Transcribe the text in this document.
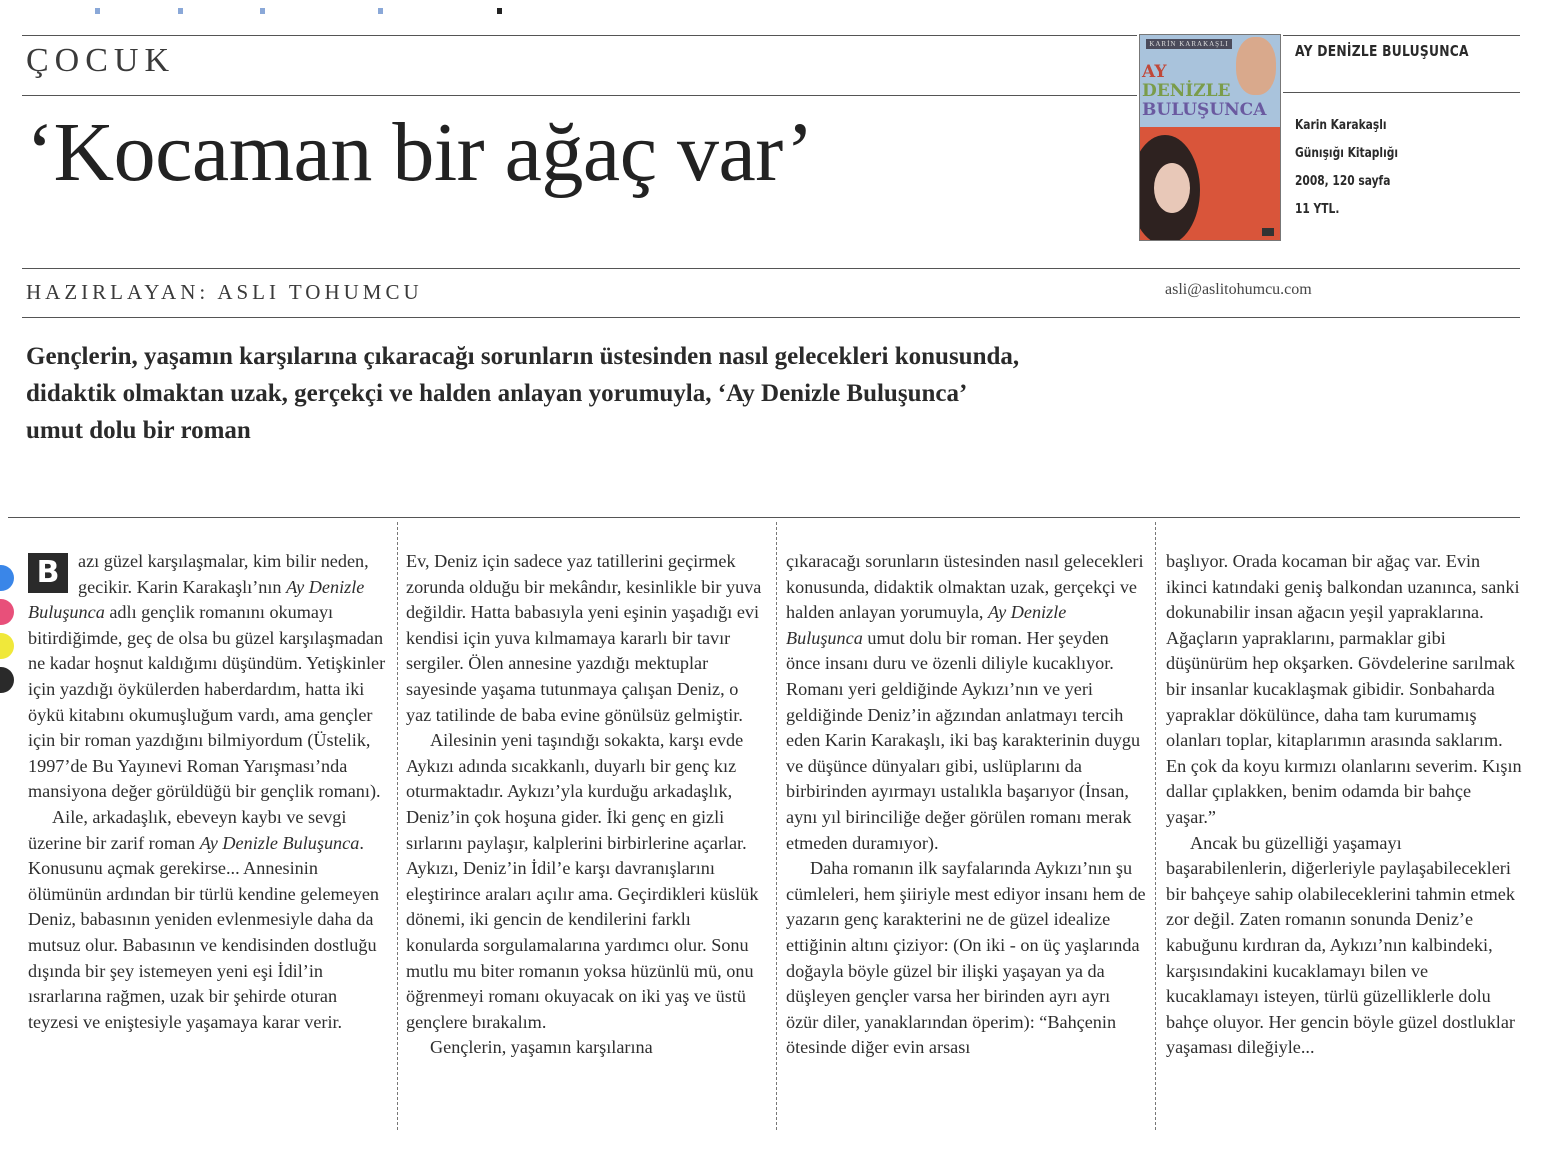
ÇOCUK
‘Kocaman bir ağaç var’
KARİN KARAKAŞLI
AY
DENİZLE
BULUŞUNCA
AY DENİZLE BULUŞUNCA
Karin Karakaşlı
Günışığı Kitaplığı
2008, 120 sayfa
11 YTL.
HAZIRLAYAN: ASLI TOHUMCU	asli@aslitohumcu.com
Gençlerin, yaşamın karşılarına çıkaracağı sorunların üstesinden nasıl gelecekleri konusunda,
didaktik olmaktan uzak, gerçekçi ve halden anlayan yorumuyla, ‘Ay Denizle Buluşunca’
umut dolu bir roman

B	azı güzel karşılaşmalar, kim bilir neden, gecikir. Karin Karakaşlı’nın Ay Denizle Buluşunca adlı gençlik romanını okumayı bitirdiğimde, geç de olsa bu güzel karşılaşmadan ne kadar hoşnut kaldığımı düşündüm. Yetişkinler için yazdığı öykülerden haberdardım, hatta iki öykü kitabını okumuşluğum vardı, ama gençler için bir roman yazdığını bilmiyordum (Üstelik, 1997’de Bu Yayınevi Roman Yarışması’nda mansiyona değer görüldüğü bir gençlik romanı).

Aile, arkadaşlık, ebeveyn kaybı ve sevgi üzerine bir zarif roman Ay Denizle Buluşunca. Konusunu açmak gerekirse... Annesinin ölümünün ardından bir türlü kendine gelemeyen Deniz, babasının yeniden evlenmesiyle daha da mutsuz olur. Babasının ve kendisinden dostluğu dışında bir şey istemeyen yeni eşi İdil’in ısrarlarına rağmen, uzak bir şehirde oturan teyzesi ve eniştesiyle yaşamaya karar verir.

Ev, Deniz için sadece yaz tatillerini geçirmek zorunda olduğu bir mekândır, kesinlikle bir yuva değildir. Hatta babasıyla yeni eşinin yaşadığı evi kendisi için yuva kılmamaya kararlı bir tavır sergiler. Ölen annesine yazdığı mektuplar sayesinde yaşama tutunmaya çalışan Deniz, o yaz tatilinde de baba evine gönülsüz gelmiştir.

Ailesinin yeni taşındığı sokakta, karşı evde Aykızı adında sıcakkanlı, duyarlı bir genç kız oturmaktadır. Aykızı’yla kurduğu arkadaşlık, Deniz’in çok hoşuna gider. İki genç en gizli sırlarını paylaşır, kalplerini birbirlerine açarlar. Aykızı, Deniz’in İdil’e karşı davranışlarını eleştirince araları açılır ama. Geçirdikleri küslük dönemi, iki gencin de kendilerini farklı konularda sorgulamalarına yardımcı olur. Sonu mutlu mu biter romanın yoksa hüzünlü mü, onu öğrenmeyi romanı okuyacak on iki yaş ve üstü gençlere bırakalım.

Gençlerin, yaşamın karşılarına

çıkaracağı sorunların üstesinden nasıl gelecekleri konusunda, didaktik olmaktan uzak, gerçekçi ve halden anlayan yorumuyla, Ay Denizle Buluşunca umut dolu bir roman. Her şeyden önce insanı duru ve özenli diliyle kucaklıyor. Romanı yeri geldiğinde Aykızı’nın ve yeri geldiğinde Deniz’in ağzından anlatmayı tercih eden Karin Karakaşlı, iki baş karakterinin duygu ve düşünce dünyaları gibi, uslüplarını da birbirinden ayırmayı ustalıkla başarıyor (İnsan, aynı yıl birinciliğe değer görülen romanı merak etmeden duramıyor).

Daha romanın ilk sayfalarında Aykızı’nın şu cümleleri, hem şiiriyle mest ediyor insanı hem de yazarın genç karakterini ne de güzel idealize ettiğinin altını çiziyor: (On iki - on üç yaşlarında doğayla böyle güzel bir ilişki yaşayan ya da düşleyen gençler varsa her birinden ayrı ayrı özür diler, yanaklarından öperim): “Bahçenin ötesinde diğer evin arsası

başlıyor. Orada kocaman bir ağaç var. Evin ikinci katındaki geniş balkondan uzanınca, sanki dokunabilir insan ağacın yeşil yapraklarına. Ağaçların yapraklarını, parmaklar gibi düşünürüm hep okşarken. Gövdelerine sarılmak bir insanlar kucaklaşmak gibidir. Sonbaharda yapraklar dökülünce, daha tam kurumamış olanları toplar, kitaplarımın arasında saklarım. En çok da koyu kırmızı olanlarını severim. Kışın dallar çıplakken, benim odamda bir bahçe yaşar.”

Ancak bu güzelliği yaşamayı başarabilenlerin, diğerleriyle paylaşabilecekleri bir bahçeye sahip olabileceklerini tahmin etmek zor değil. Zaten romanın sonunda Deniz’e kabuğunu kırdıran da, Aykızı’nın kalbindeki, karşısındakini kucaklamayı bilen ve kucaklamayı isteyen, türlü güzelliklerle dolu bahçe oluyor. Her gencin böyle güzel dostluklar yaşaması dileğiyle...
